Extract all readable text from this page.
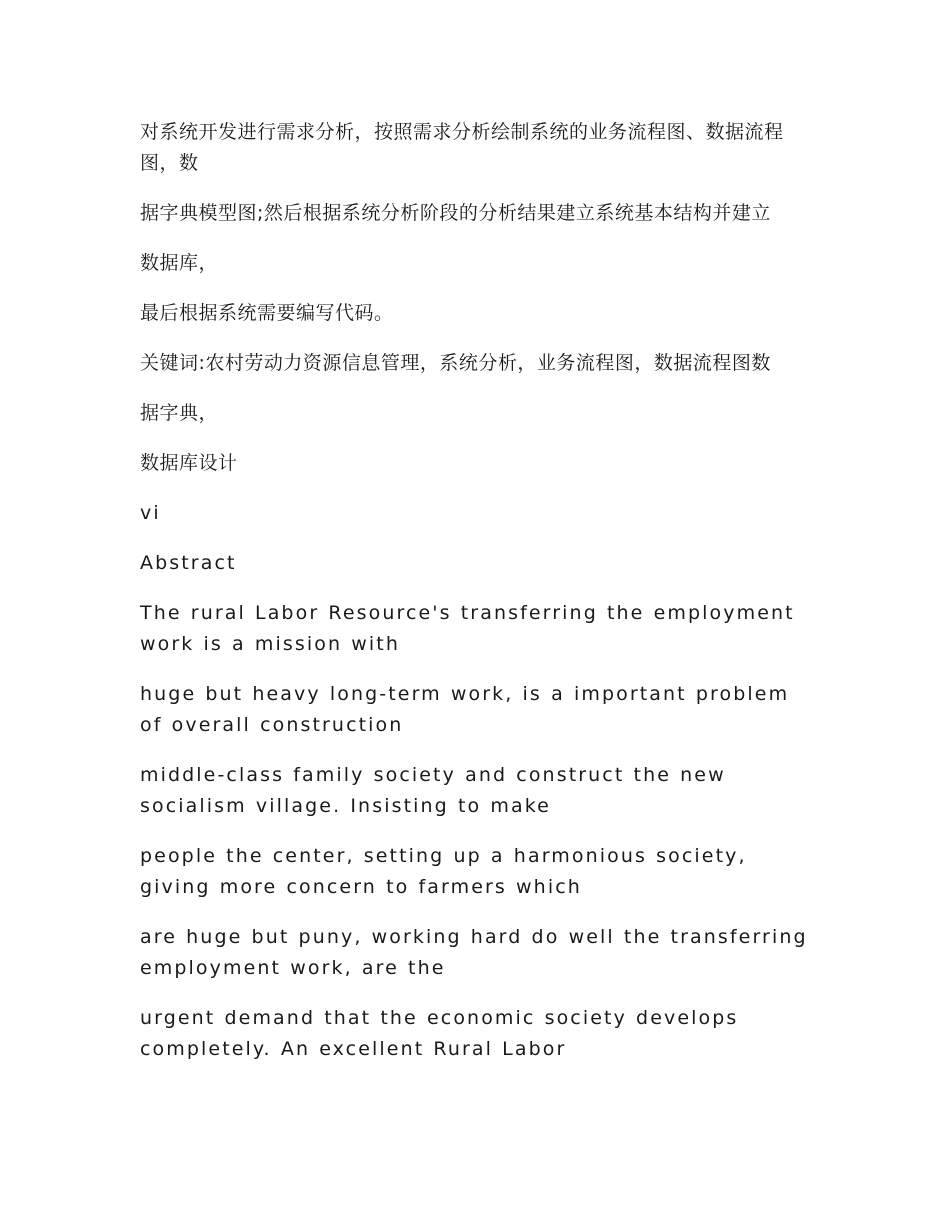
对系统开发进行需求分析，按照需求分析绘制系统的业务流程图、数据流程图，数

据字典模型图;然后根据系统分析阶段的分析结果建立系统基本结构并建立

数据库，

最后根据系统需要编写代码。

关键词:农村劳动力资源信息管理，系统分析，业务流程图，数据流程图数

据字典，

数据库设计

vi

Abstract

The rural Labor Resource's transferring the employment work is a mission with

huge but heavy long-term work, is a important problem of overall construction

middle-class family society and construct the new socialism village. Insisting to make

people the center, setting up a harmonious society, giving more concern to farmers which

are huge but puny, working hard do well the transferring employment work, are the

urgent demand that the economic society develops completely. An excellent Rural Labor
